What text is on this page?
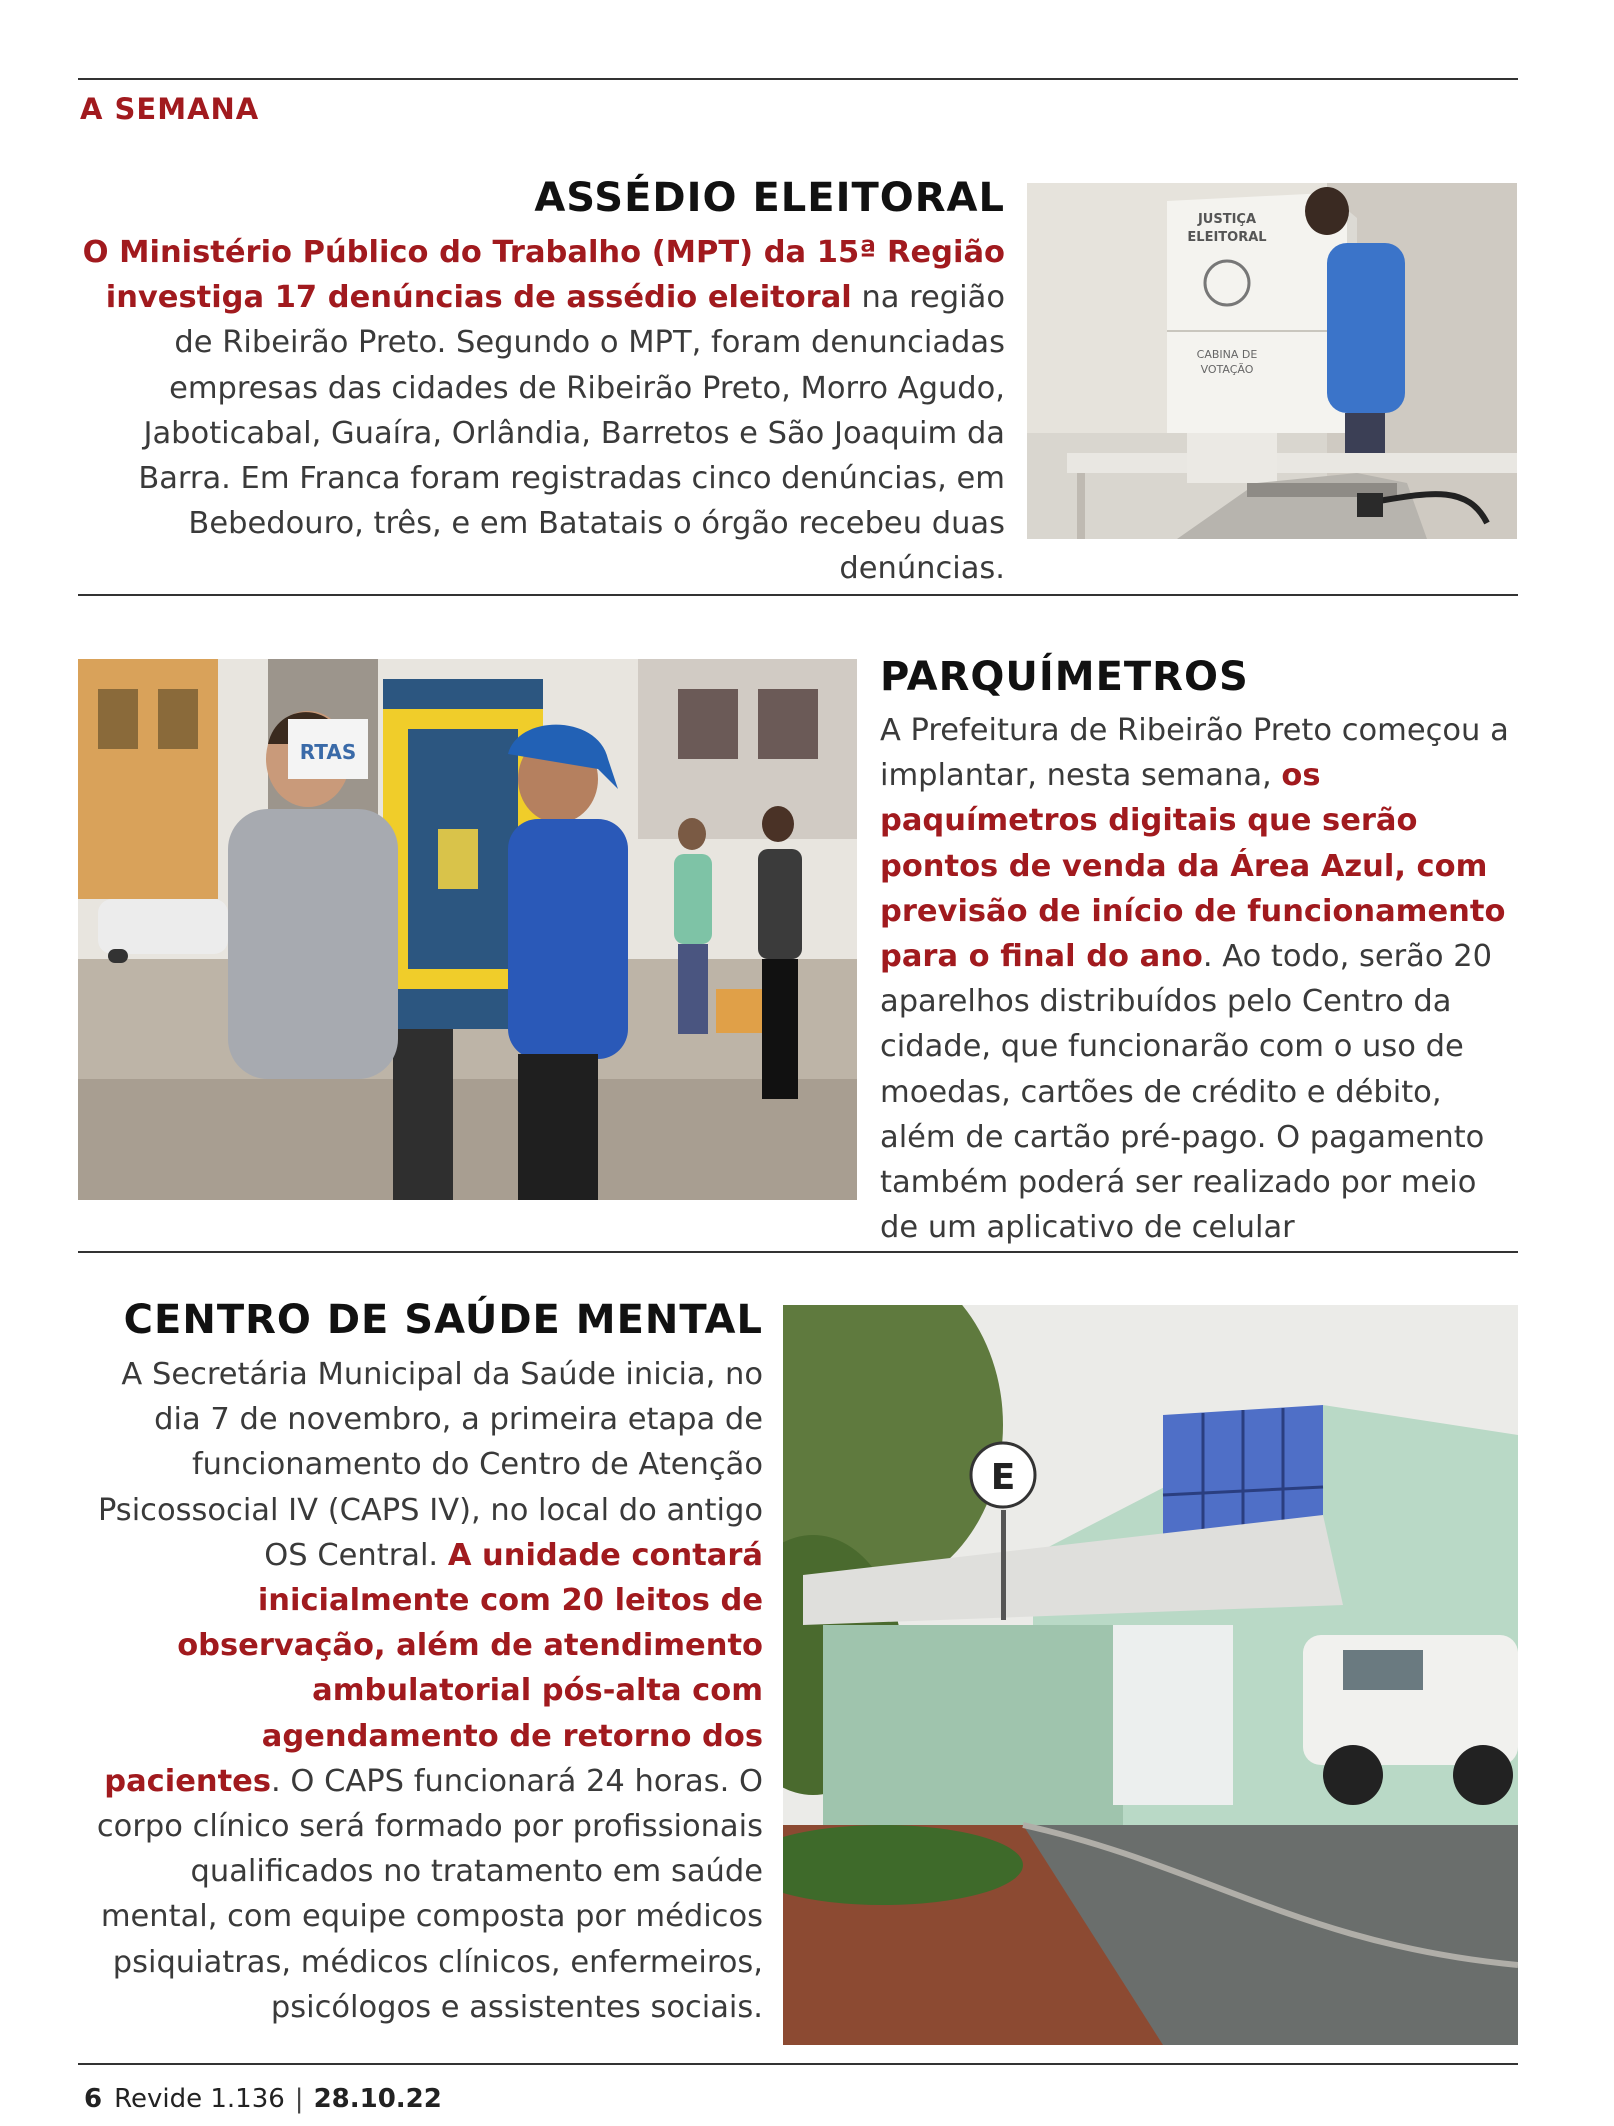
A SEMANA
ASSÉDIO ELEITORAL

O Ministério Público do Trabalho (MPT) da 15ª Região investiga 17 denúncias de assédio eleitoral na região de Ribeirão Preto. Segundo o MPT, foram denunciadas empresas das cidades de Ribeirão Preto, Morro Agudo, Jaboticabal, Guaíra, Orlândia, Barretos e São Joaquim da Barra. Em Franca foram registradas cinco denúncias, em Bebedouro, três, e em Batatais o órgão recebeu duas denúncias.

JUSTIÇA
ELEITORAL
CABINA DE
VOTAÇÃO
RTAS
PARQUÍMETROS

A Prefeitura de Ribeirão Preto começou a implantar, nesta semana, os paquímetros digitais que serão pontos de venda da Área Azul, com previsão de início de funcionamento para o final do ano. Ao todo, serão 20 aparelhos distribuídos pelo Centro da cidade, que funcionarão com o uso de moedas, cartões de crédito e débito, além de cartão pré-pago. O pagamento também poderá ser realizado por meio de um aplicativo de celular

CENTRO DE SAÚDE MENTAL

A Secretária Municipal da Saúde inicia, no dia 7 de novembro, a primeira etapa de funcionamento do Centro de Atenção Psicossocial IV (CAPS IV), no local do antigo OS Central. A unidade contará inicialmente com 20 leitos de observação, além de atendimento ambulatorial pós-alta com agendamento de retorno dos pacientes. O CAPS funcionará 24 horas. O corpo clínico será formado por profissionais qualificados no tratamento em saúde mental, com equipe composta por médicos psiquiatras, médicos clínicos, enfermeiros, psicólogos e assistentes sociais.

E
6 Revide 1.136 | 28.10.22
